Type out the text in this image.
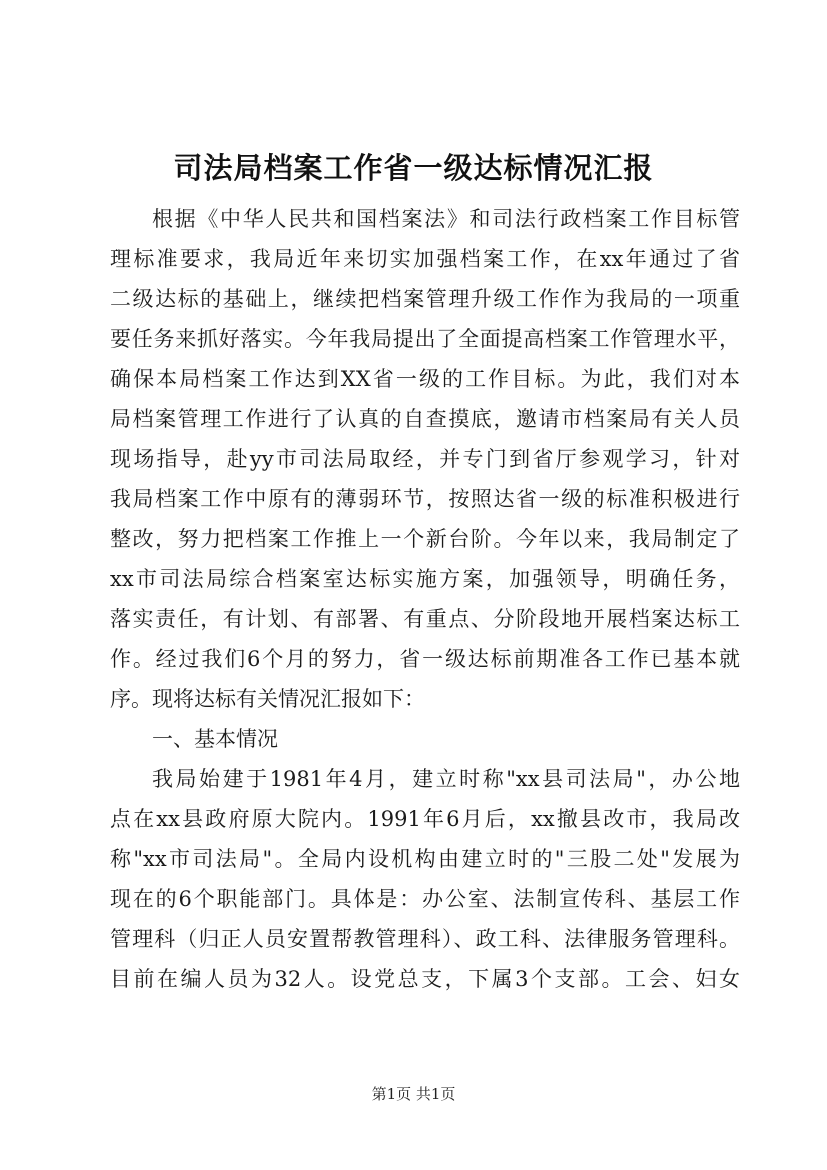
司法局档案工作省一级达标情况汇报
根据《中华人民共和国档案法》和司法行政档案工作目标管
理标准要求，我局近年来切实加强档案工作，在xx年通过了省
二级达标的基础上，继续把档案管理升级工作作为我局的一项重
要任务来抓好落实。今年我局提出了全面提高档案工作管理水平，
确保本局档案工作达到XX省一级的工作目标。为此，我们对本
局档案管理工作进行了认真的自查摸底，邀请市档案局有关人员
现场指导，赴yy市司法局取经，并专门到省厅参观学习，针对
我局档案工作中原有的薄弱环节，按照达省一级的标准积极进行
整改，努力把档案工作推上一个新台阶。今年以来，我局制定了
xx市司法局综合档案室达标实施方案，加强领导，明确任务，
落实责任，有计划、有部署、有重点、分阶段地开展档案达标工
作。经过我们6个月的努力，省一级达标前期准各工作已基本就
序。现将达标有关情况汇报如下：
一、基本情况
我局始建于1981年4月，建立时称"xx县司法局"，办公地
点在xx县政府原大院内。1991年6月后，xx撤县改市，我局改
称"xx市司法局"。全局内设机构由建立时的"三股二处"发展为
现在的6个职能部门。具体是：办公室、法制宣传科、基层工作
管理科（归正人员安置帮教管理科）、政工科、法律服务管理科。
目前在编人员为32人。设党总支，下属3个支部。工会、妇女
第1页 共1页
